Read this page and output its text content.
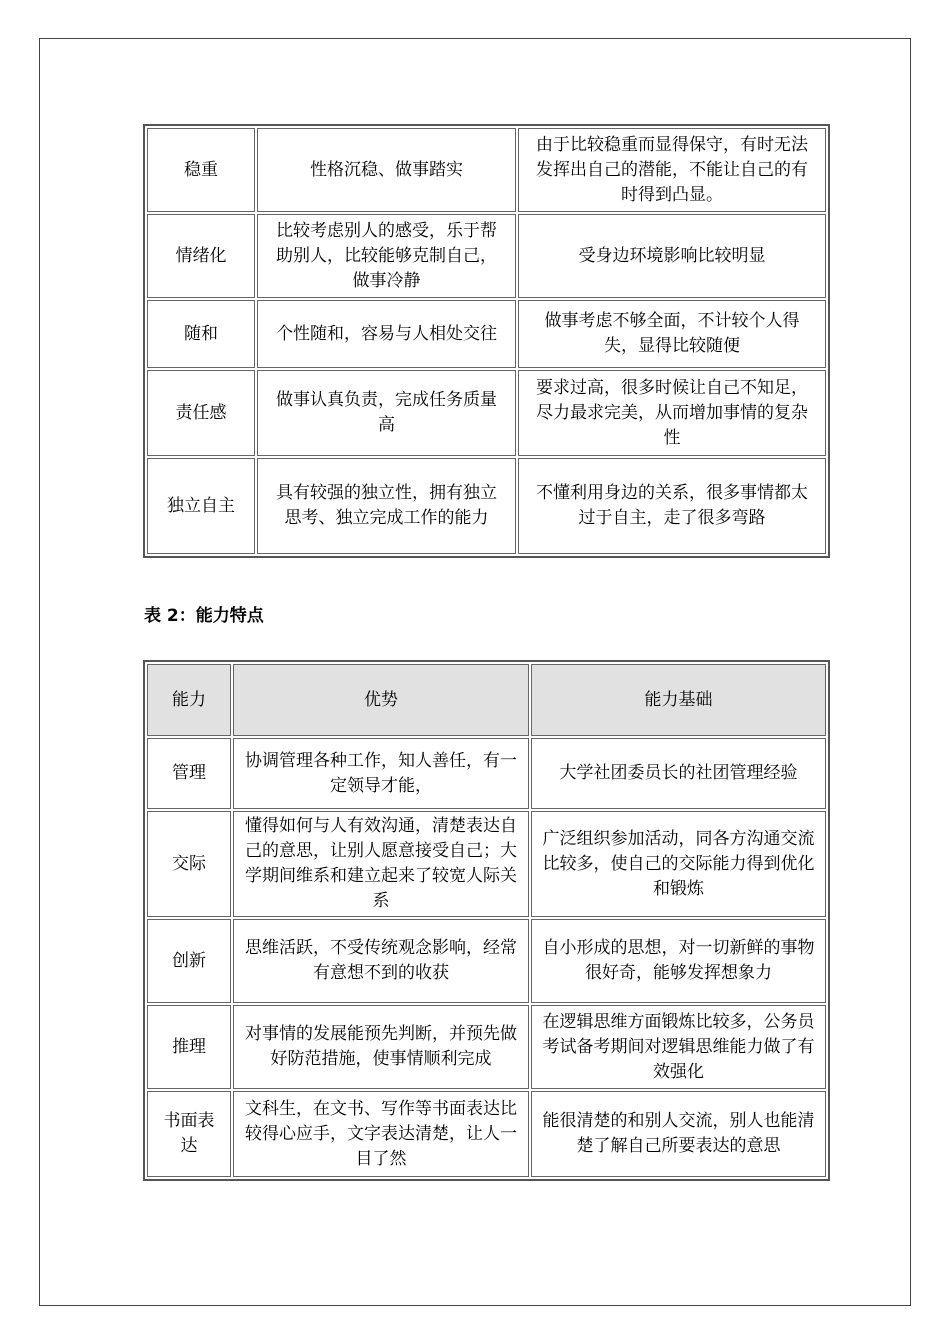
稳重	性格沉稳、做事踏实	由于比较稳重而显得保守，有时无法发挥出自己的潜能，不能让自己的有时得到凸显。
情绪化	比较考虑别人的感受，乐于帮助别人，比较能够克制自己，做事冷静	受身边环境影响比较明显
随和	个性随和，容易与人相处交往	做事考虑不够全面，不计较个人得失，显得比较随便
责任感	做事认真负责，完成任务质量高	要求过高，很多时候让自己不知足，尽力最求完美，从而增加事情的复杂性
独立自主	具有较强的独立性，拥有独立思考、独立完成工作的能力	不懂利用身边的关系，很多事情都太过于自主，走了很多弯路
表 2：能力特点
能力	优势	能力基础
管理	协调管理各种工作，知人善任，有一定领导才能，	大学社团委员长的社团管理经验
交际	懂得如何与人有效沟通，清楚表达自己的意思，让别人愿意接受自己；大学期间维系和建立起来了较宽人际关系	广泛组织参加活动，同各方沟通交流比较多，使自己的交际能力得到优化和锻炼
创新	思维活跃，不受传统观念影响，经常有意想不到的收获	自小形成的思想，对一切新鲜的事物很好奇，能够发挥想象力
推理	对事情的发展能预先判断，并预先做好防范措施，使事情顺利完成	在逻辑思维方面锻炼比较多，公务员考试备考期间对逻辑思维能力做了有效强化
书面表达	文科生，在文书、写作等书面表达比较得心应手，文字表达清楚，让人一目了然	能很清楚的和别人交流，别人也能清楚了解自己所要表达的意思
